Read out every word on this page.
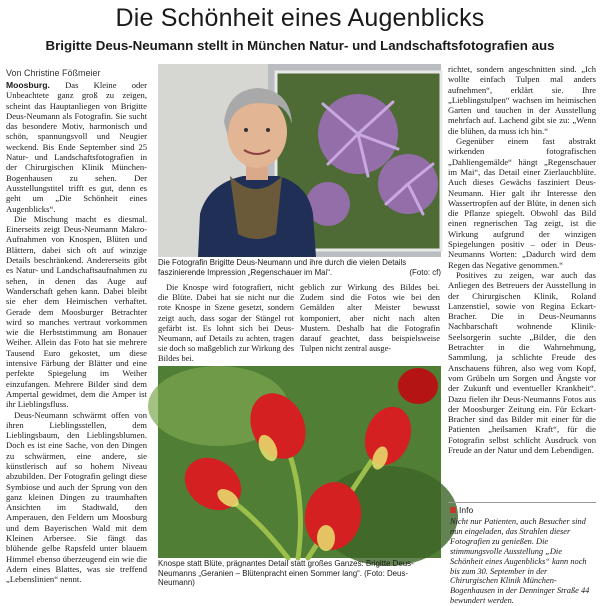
Die Schönheit eines Augenblicks
Brigitte Deus-Neumann stellt in München Natur- und Landschaftsfotografien aus
Von Christine Fößmeier

Moosburg. Das Kleine oder Unbeachtete ganz groß zu zeigen, scheint das Hauptanliegen von Brigitte Deus-Neumann als Fotografin. Sie sucht das besondere Motiv, harmonisch und schön, spannungsvoll und Neugier weckend. Bis Ende September sind 25 Natur- und Landschaftsfotografien in der Chirurgischen Klinik München-Bogenhausen zu sehen. Der Ausstellungstitel trifft es gut, denn es geht um „Die Schönheit eines Augenblicks“.

Die Mischung macht es diesmal. Einerseits zeigt Deus-Neumann Makro-Aufnahmen von Knospen, Blüten und Blättern, dabei sich oft auf winzige Details beschränkend. Andererseits gibt es Natur- und Landschaftsaufnahmen zu sehen, in denen das Auge auf Wanderschaft gehen kann. Dabei bleibt sie eher dem Heimischen verhaftet. Gerade dem Moosburger Betrachter wird so manches vertraut vorkommen wie die Herbststimmung am Bonauer Weiher. Allein das Foto hat sie mehrere Tausend Euro gekostet, um diese intensive Färbung der Blätter und eine perfekte Spiegelung im Weiher einzufangen. Mehrere Bilder sind dem Ampertal gewidmet, dem die Amper ist ihr Lieblingsfluss.

Deus-Neumann schwärmt offen von ihren Lieblingsstellen, dem Lieblingsbaum, den Lieblingsblumen. Doch es ist eine Sache, von den Dingen zu schwärmen, eine andere, sie künstlerisch auf so hohem Niveau abzubilden. Der Fotografin gelingt diese Symbiose und auch der Sprung von den ganz kleinen Dingen zu traumhaften Ansichten im Stadtwald, den Amperauen, den Feldern um Moosburg und dem Bayerischen Wald mit dem Kleinen Arbersee. Sie fängt das blühende gelbe Rapsfeld unter blauem Himmel ebenso überzeugend ein wie die Adern eines Blattes, was sie treffend „Lebenslinien“ nennt.

Die Fotografin Brigitte Deus-Neumann und ihre durch die vielen Details faszinierende Impression „Regenschauer im Mai“.	(Foto: cf)

Die Knospe wird fotografiert, nicht die Blüte. Dabei hat sie nicht nur die rote Knospe in Szene gesetzt, sondern zeigt auch, dass sogar der Stängel rot gefärbt ist. Es lohnt sich bei Deus-Neumann, auf Details zu achten, tragen sie doch so maßgeblich zur Wirkung des Bildes bei.

geblich zur Wirkung des Bildes bei. Zudem sind die Fotos wie bei den Gemälden alter Meister bewusst komponiert, aber nicht nach alten Mustern. Deshalb hat die Fotografin darauf geachtet, dass beispielsweise Tulpen nicht zentral ausge-

Knospe statt Blüte, prägnantes Detail statt großes Ganzes: Brigitte Deus-Neumanns „Geranien – Blütenpracht einen Sommer lang“. (Foto: Deus-Neumann)

richtet, sondern angeschnitten sind. „Ich wollte einfach Tulpen mal anders aufnehmen“, erklärt sie. Ihre „Lieblingstulpen“ wachsen im heimischen Garten und tauchen in der Ausstellung mehrfach auf. Lachend gibt sie zu: „Wenn die blühen, da muss ich hin.“

Gegenüber einem fast abstrakt wirkenden fotografischen „Dahliengemälde“ hängt „Regenschauer im Mai“, das Detail einer Zierlauchblüte. Auch dieses Gewächs fasziniert Deus-Neumann. Hier galt ihr Interesse den Wassertropfen auf der Blüte, in denen sich die Pflanze spiegelt. Obwohl das Bild einen regnerischen Tag zeigt, ist die Wirkung aufgrund der winzigen Spiegelungen positiv – oder in Deus-Neumanns Worten: „Dadurch wird dem Regen das Negative genommen.“

Positives zu zeigen, war auch das Anliegen des Betreuers der Ausstellung in der Chirurgischen Klinik, Roland Lanzenstiel, sowie von Regina Eckart-Bracher. Die in Deus-Neumanns Nachbarschaft wohnende Klinik-Seelsorgerin suchte „Bilder, die den Betrachter in die Wahrnehmung, Sammlung, ja schlichte Freude des Anschauens führen, also weg vom Kopf, vom Grübeln um Sorgen und Ängste vor der Zukunft und eventueller Krankheit“. Dazu fielen ihr Deus-Neumanns Fotos aus der Moosburger Zeitung ein. Für Eckart-Bracher sind das Bilder mit einer für die Patienten „heilsamen Kraft“, für die Fotografin selbst schlicht Ausdruck von Freude an der Natur und dem Lebendigen.

Info
Nicht nur Patienten, auch Besucher sind nun eingeladen, das Strahlen dieser Fotografien zu genießen. Die stimmungsvolle Ausstellung „Die Schönheit eines Augenblicks“ kann noch bis zum 30. September in der Chirurgischen Klinik München-Bogenhausen in der Denninger Straße 44 bewundert werden.
